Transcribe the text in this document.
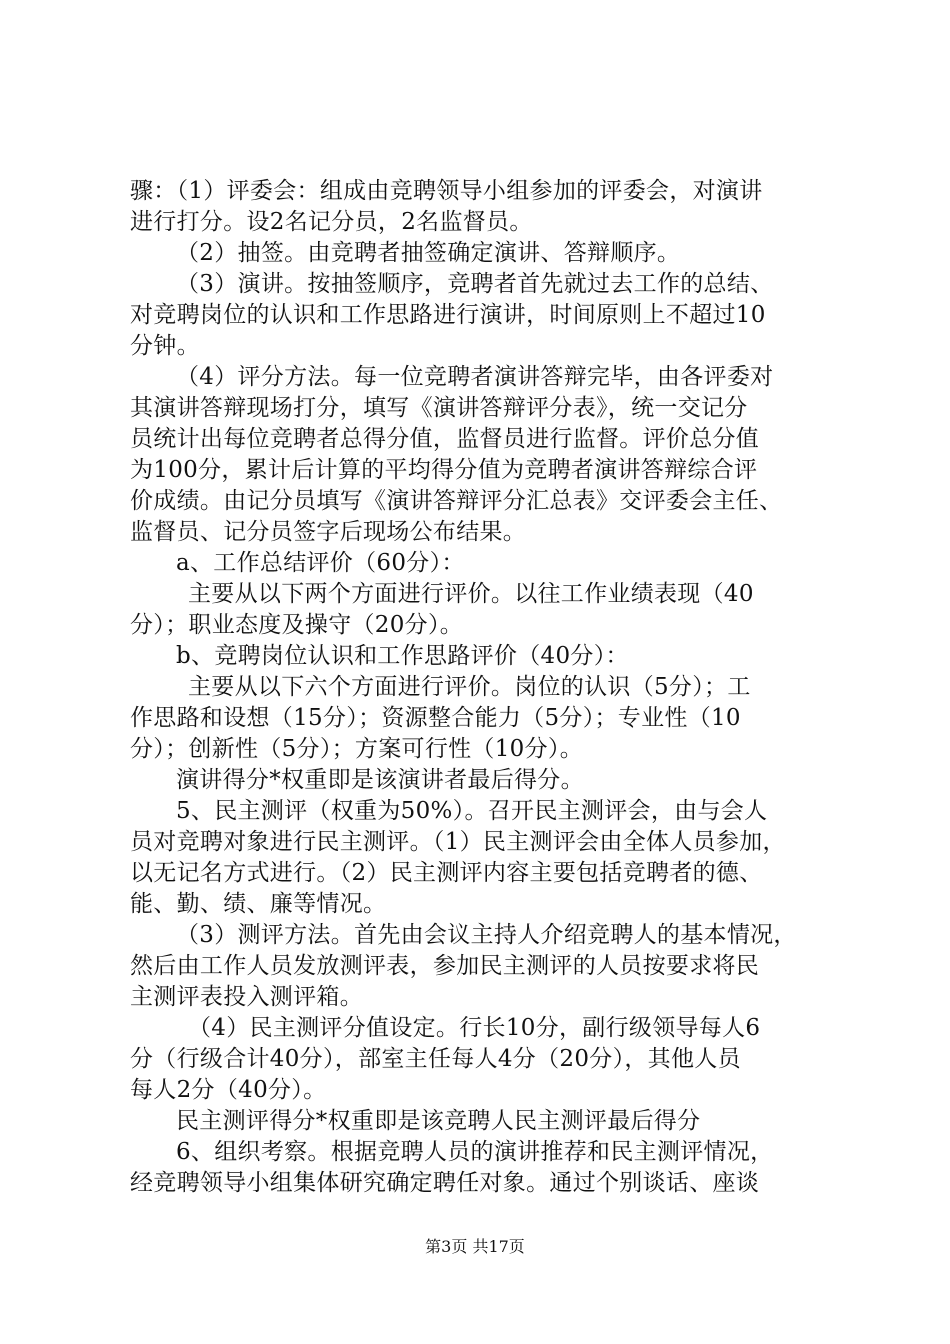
骤：（1）评委会：组成由竞聘领导小组参加的评委会，对演讲
进行打分。设2名记分员，2名监督员。
（2）抽签。由竞聘者抽签确定演讲、答辩顺序。
（3）演讲。按抽签顺序，竞聘者首先就过去工作的总结、
对竞聘岗位的认识和工作思路进行演讲，时间原则上不超过10
分钟。
（4）评分方法。每一位竞聘者演讲答辩完毕，由各评委对
其演讲答辩现场打分，填写《演讲答辩评分表》，统一交记分
员统计出每位竞聘者总得分值，监督员进行监督。评价总分值
为100分，累计后计算的平均得分值为竞聘者演讲答辩综合评
价成绩。由记分员填写《演讲答辩评分汇总表》交评委会主任、
监督员、记分员签字后现场公布结果。
a、工作总结评价（60分）：
主要从以下两个方面进行评价。以往工作业绩表现（40
分）；职业态度及操守（20分）。
b、竞聘岗位认识和工作思路评价（40分）：
主要从以下六个方面进行评价。岗位的认识（5分）；工
作思路和设想（15分）；资源整合能力（5分）；专业性（10
分）；创新性（5分）；方案可行性（10分）。
演讲得分*权重即是该演讲者最后得分。
5、民主测评（权重为50%）。召开民主测评会，由与会人
员对竞聘对象进行民主测评。（1）民主测评会由全体人员参加，
以无记名方式进行。（2）民主测评内容主要包括竞聘者的德、
能、勤、绩、廉等情况。
（3）测评方法。首先由会议主持人介绍竞聘人的基本情况，
然后由工作人员发放测评表，参加民主测评的人员按要求将民
主测评表投入测评箱。
（4）民主测评分值设定。行长10分，副行级领导每人6
分（行级合计40分），部室主任每人4分（20分），其他人员
每人2分（40分）。
民主测评得分*权重即是该竞聘人民主测评最后得分
6、组织考察。根据竞聘人员的演讲推荐和民主测评情况，
经竞聘领导小组集体研究确定聘任对象。通过个别谈话、座谈
第3页 共17页
